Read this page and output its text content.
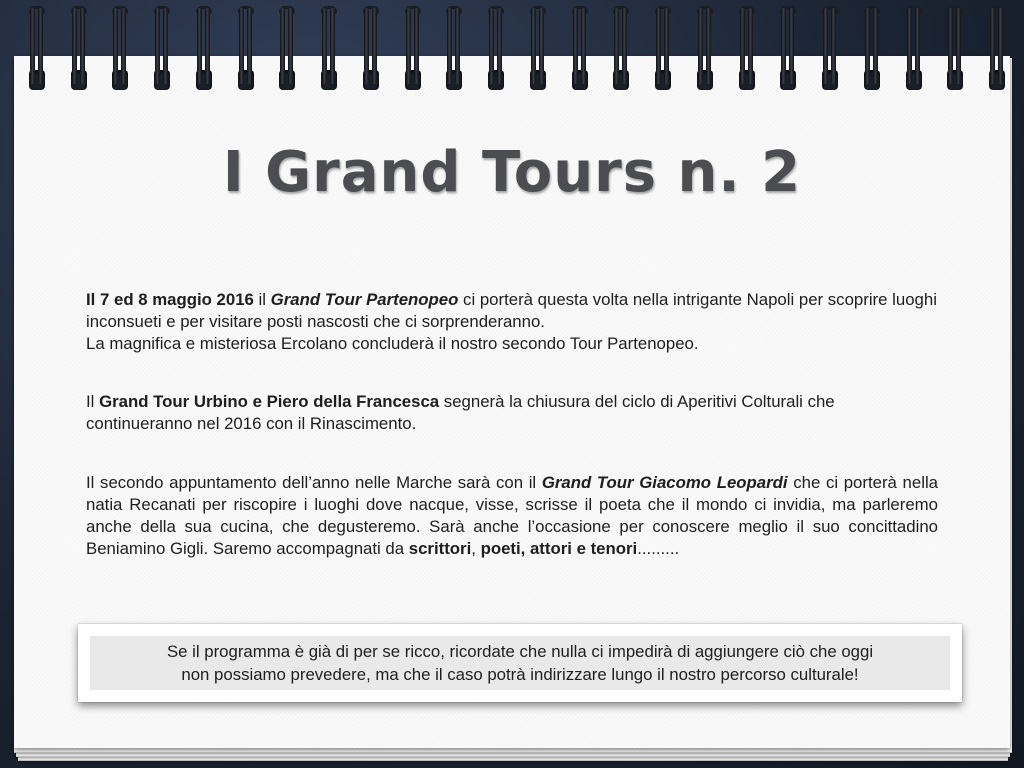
I Grand Tours n. 2
Il 7 ed 8 maggio 2016 il Grand Tour Partenopeo ci porterà questa volta nella intrigante Napoli per scoprire luoghi inconsueti e per visitare posti nascosti che ci sorprenderanno.
La magnifica e misteriosa Ercolano concluderà il nostro secondo Tour Partenopeo.
Il Grand Tour Urbino e Piero della Francesca segnerà la chiusura del ciclo di Aperitivi Colturali che continueranno nel 2016 con il Rinascimento.
Il secondo appuntamento dell’anno nelle Marche sarà con il Grand Tour Giacomo Leopardi che ci porterà nella natia Recanati per riscopire i luoghi dove nacque, visse, scrisse il poeta che il mondo ci invidia, ma parleremo anche della sua cucina, che degusteremo. Sarà anche l’occasione per conoscere meglio il suo concittadino Beniamino Gigli. Saremo accompagnati da scrittori, poeti, attori e tenori.........
Se il programma è già di per se ricco, ricordate che nulla ci impedirà di aggiungere ciò che oggi
non possiamo prevedere, ma che il caso potrà indirizzare lungo il nostro percorso culturale!
